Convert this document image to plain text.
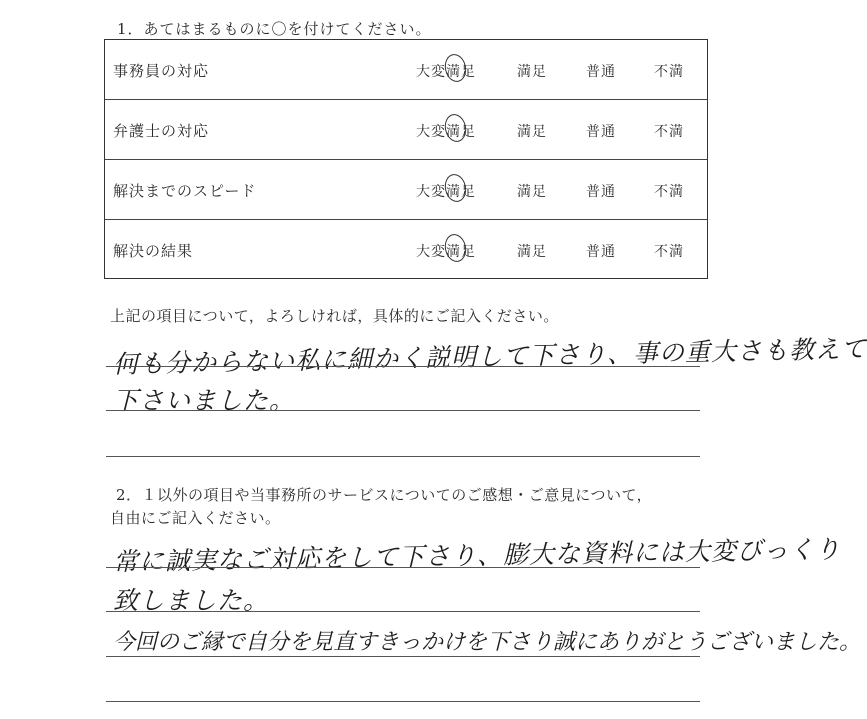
1．あてはまるものに〇を付けてください。
事務員の対応	大変満足	満足	普通	不満
弁護士の対応	大変満足	満足	普通	不満
解決までのスピード	大変満足	満足	普通	不満
解決の結果	大変満足	満足	普通	不満
上記の項目について，よろしければ，具体的にご記入ください。
何も分からない私に細かく説明して下さり、事の重大さも教えて
下さいました。
2．１以外の項目や当事務所のサービスについてのご感想・ご意見について，
自由にご記入ください。
常に誠実なご対応をして下さり、膨大な資料には大変びっくり
致しました。
今回のご縁で自分を見直すきっかけを下さり誠にありがとうございました。
